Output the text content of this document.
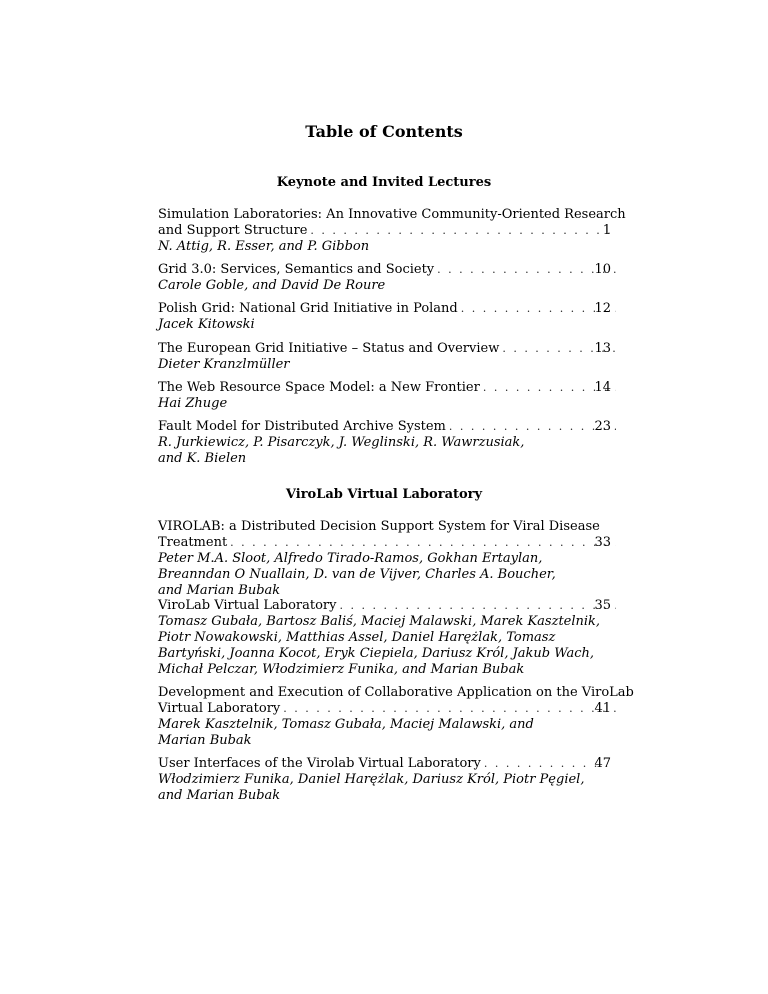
Table of Contents
Keynote and Invited Lectures
Simulation Laboratories: An Innovative Community-Oriented Research
and Support Structure . . .	1
N. Attig, R. Esser, and P. Gibbon
Grid 3.0: Services, Semantics and Society . . .	10
Carole Goble, and David De Roure
Polish Grid: National Grid Initiative in Poland . . .	12
Jacek Kitowski
The European Grid Initiative – Status and Overview . . .	13
Dieter Kranzlmüller
The Web Resource Space Model: a New Frontier . . .	14
Hai Zhuge
Fault Model for Distributed Archive System . . .	23
R. Jurkiewicz, P. Pisarczyk, J. Weglinski, R. Wawrzusiak,
and K. Bielen
ViroLab Virtual Laboratory
VIROLAB: a Distributed Decision Support System for Viral Disease
Treatment . . .	33
Peter M.A. Sloot, Alfredo Tirado-Ramos, Gokhan Ertaylan,
Breanndan O Nuallain, D. van de Vijver, Charles A. Boucher,
and Marian Bubak
ViroLab Virtual Laboratory . . .	35
Tomasz Gubała, Bartosz Baliś, Maciej Malawski, Marek Kasztelnik,
Piotr Nowakowski, Matthias Assel, Daniel Harężlak, Tomasz
Bartyński, Joanna Kocot, Eryk Ciepiela, Dariusz Król, Jakub Wach,
Michał Pelczar, Włodzimierz Funika, and Marian Bubak
Development and Execution of Collaborative Application on the ViroLab
Virtual Laboratory . . .	41
Marek Kasztelnik, Tomasz Gubała, Maciej Malawski, and
Marian Bubak
User Interfaces of the Virolab Virtual Laboratory . . .	47
Włodzimierz Funika, Daniel Harężlak, Dariusz Król, Piotr Pęgiel,
and Marian Bubak
